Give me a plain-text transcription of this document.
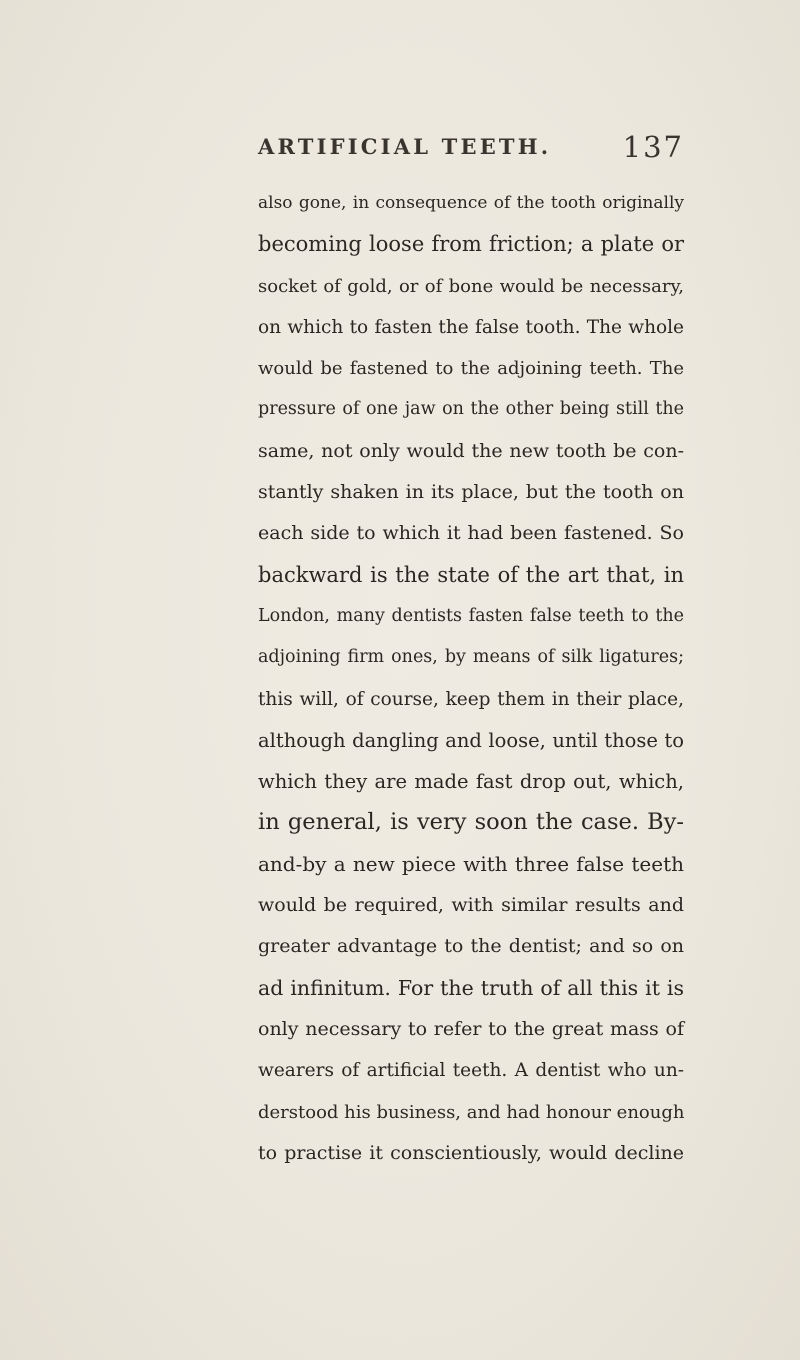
ARTIFICIAL TEETH. 137
also gone, in consequence of the tooth originally
becoming loose from friction; a plate or
socket of gold, or of bone would be necessary,
on which to fasten the false tooth. The whole
would be fastened to the adjoining teeth. The
pressure of one jaw on the other being still the
same, not only would the new tooth be con-
stantly shaken in its place, but the tooth on
each side to which it had been fastened. So
backward is the state of the art that, in
London, many dentists fasten false teeth to the
adjoining firm ones, by means of silk ligatures;
this will, of course, keep them in their place,
although dangling and loose, until those to
which they are made fast drop out, which,
in general, is very soon the case. By-
and-by a new piece with three false teeth
would be required, with similar results and
greater advantage to the dentist; and so on
ad infinitum. For the truth of all this it is
only necessary to refer to the great mass of
wearers of artificial teeth. A dentist who un-
derstood his business, and had honour enough
to practise it conscientiously, would decline
